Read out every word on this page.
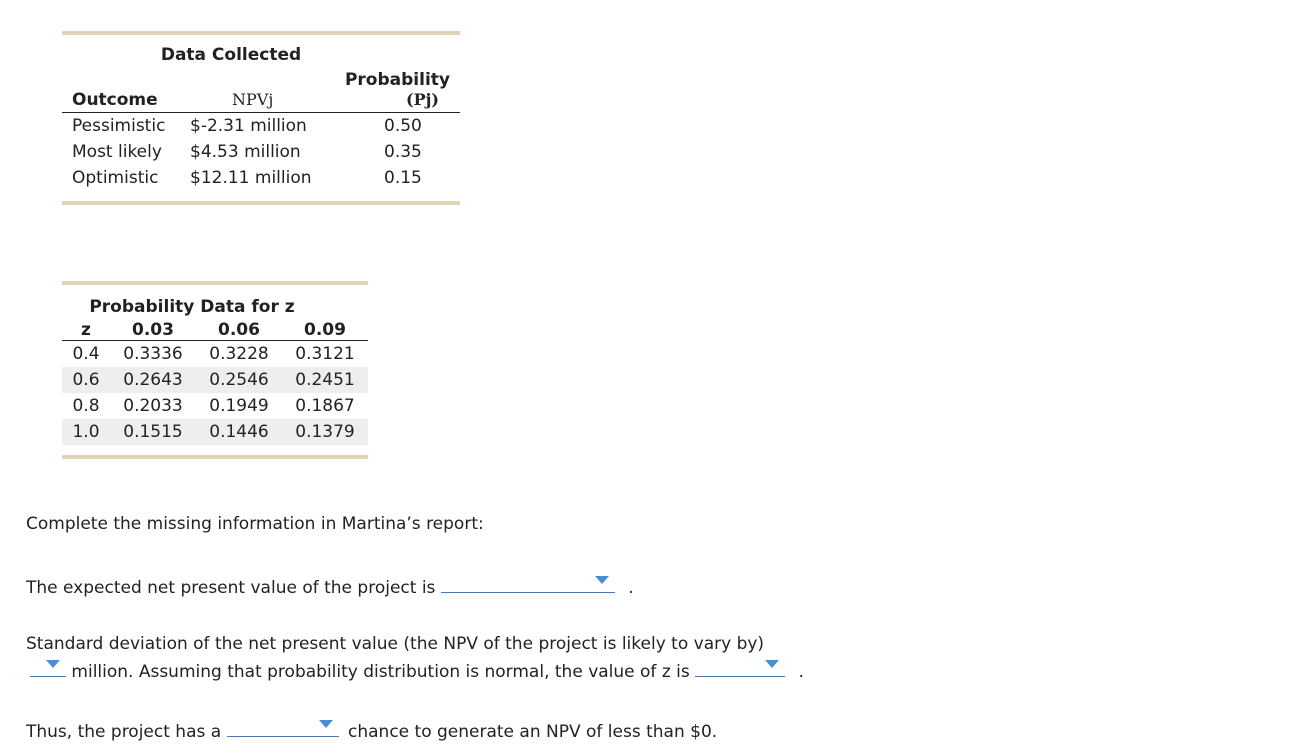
Data Collected
		Probability
Outcome	NPVj	(Pj)
Pessimistic	$-2.31 million	0.50
Most likely	$4.53 million	0.35
Optimistic	$12.11 million	0.15
Probability Data for z
z	0.03	0.06	0.09
0.4	0.3336	0.3228	0.3121
0.6	0.2643	0.2546	0.2451
0.8	0.2033	0.1949	0.1867
1.0	0.1515	0.1446	0.1379
Complete the missing information in Martina’s report:
The expected net present value of the project is	.
Standard deviation of the net present value (the NPV of the project is likely to vary by)
million. Assuming that probability distribution is normal, the value of z is	.
Thus, the project has a	chance to generate an NPV of less than $0.
